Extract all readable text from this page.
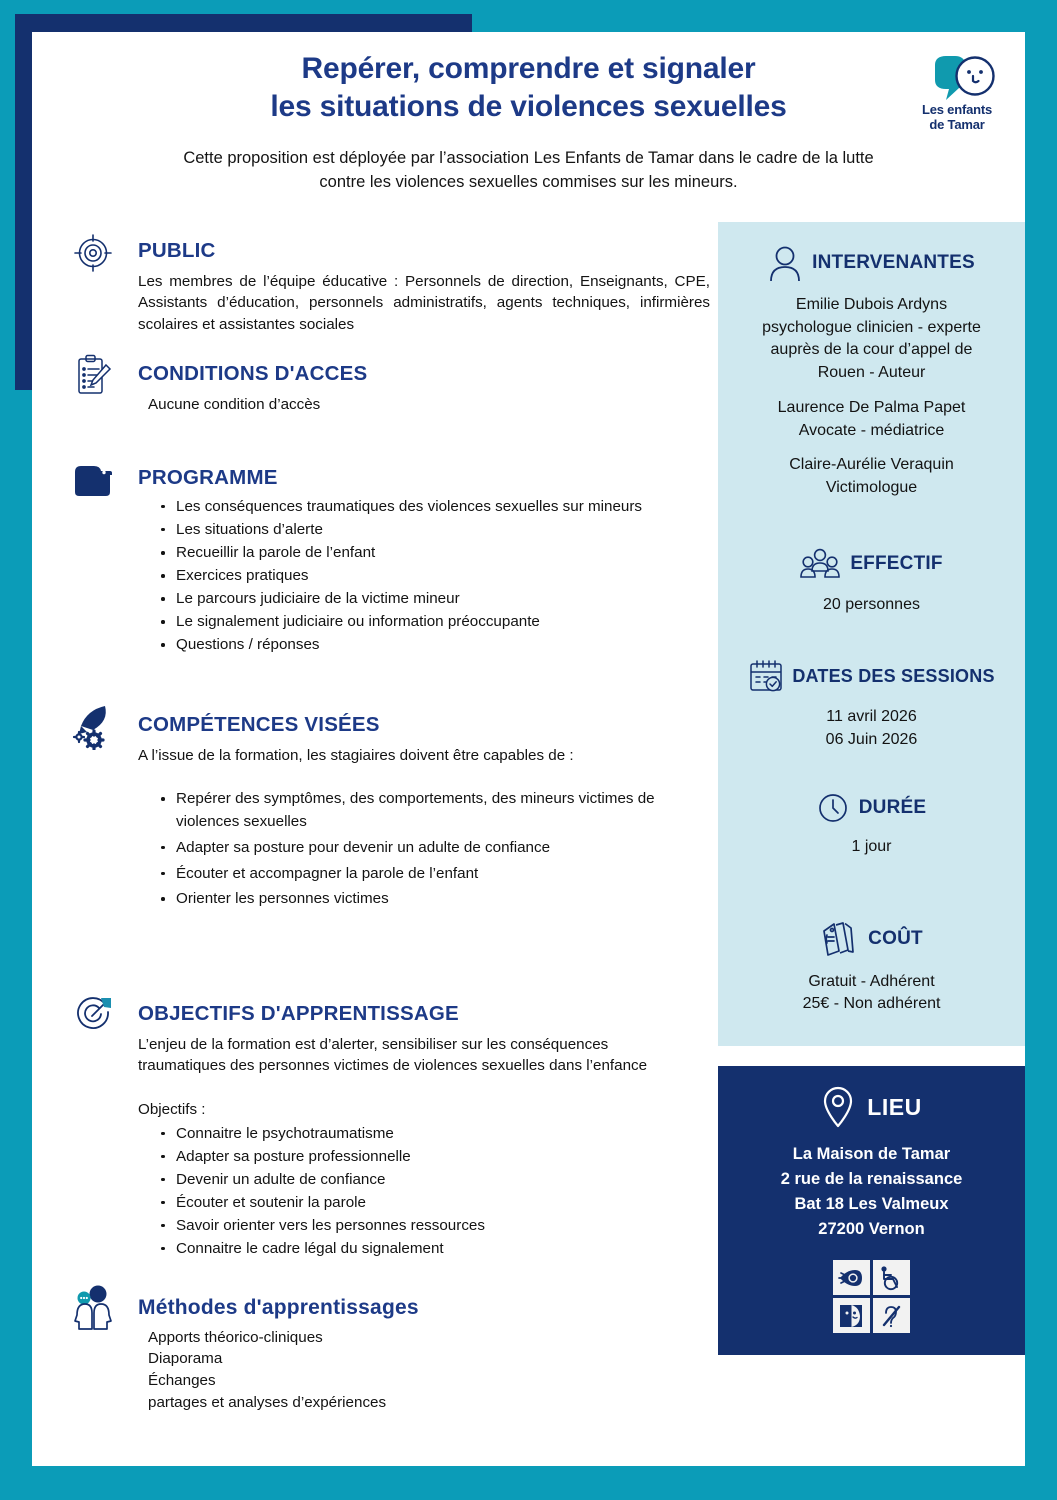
Repérer, comprendre et signaler
les situations de violences sexuelles
Cette proposition est déployée par l’association Les Enfants de Tamar dans le cadre de la lutte
contre les violences sexuelles commises sur les mineurs.
Les enfants
de Tamar
PUBLIC
Les membres de l’équipe éducative : Personnels de direction, Enseignants, CPE, Assistants d’éducation, personnels administratifs, agents techniques, infirmières scolaires et assistantes sociales
CONDITIONS D'ACCES
Aucune condition d’accès
PROGRAMME
Les conséquences traumatiques des violences sexuelles sur mineurs
Les situations d’alerte
Recueillir la parole de l’enfant
Exercices pratiques
Le parcours judiciaire de la victime mineur
Le signalement judiciaire ou information préoccupante
Questions / réponses
COMPÉTENCES VISÉES
A l’issue de la formation, les stagiaires doivent être capables de :
Repérer des symptômes, des comportements, des mineurs victimes de violences sexuelles
Adapter sa posture pour devenir un adulte de confiance
Écouter et accompagner la parole de l’enfant
Orienter les personnes victimes
OBJECTIFS D'APPRENTISSAGE
L’enjeu de la formation est d’alerter, sensibiliser sur les conséquences traumatiques des personnes victimes de violences sexuelles dans l’enfance
Objectifs :
Connaitre le psychotraumatisme
Adapter sa posture professionnelle
Devenir un adulte de confiance
Écouter et soutenir la parole
Savoir orienter vers les personnes ressources
Connaitre le cadre légal du signalement
Méthodes d'apprentissages
Apports théorico-cliniques
Diaporama
Échanges
partages et analyses d’expériences
INTERVENANTES
Emilie Dubois Ardyns
psychologue clinicien - experte
auprès de la cour d’appel de
Rouen - Auteur
Laurence De Palma Papet
Avocate - médiatrice
Claire-Aurélie Veraquin
Victimologue
EFFECTIF
20 personnes
DATES DES SESSIONS
11 avril 2026
06 Juin 2026
DURÉE
1 jour
COÛT
Gratuit - Adhérent
25€ - Non adhérent
LIEU
La Maison de Tamar
2 rue de la renaissance
Bat 18 Les Valmeux
27200 Vernon
